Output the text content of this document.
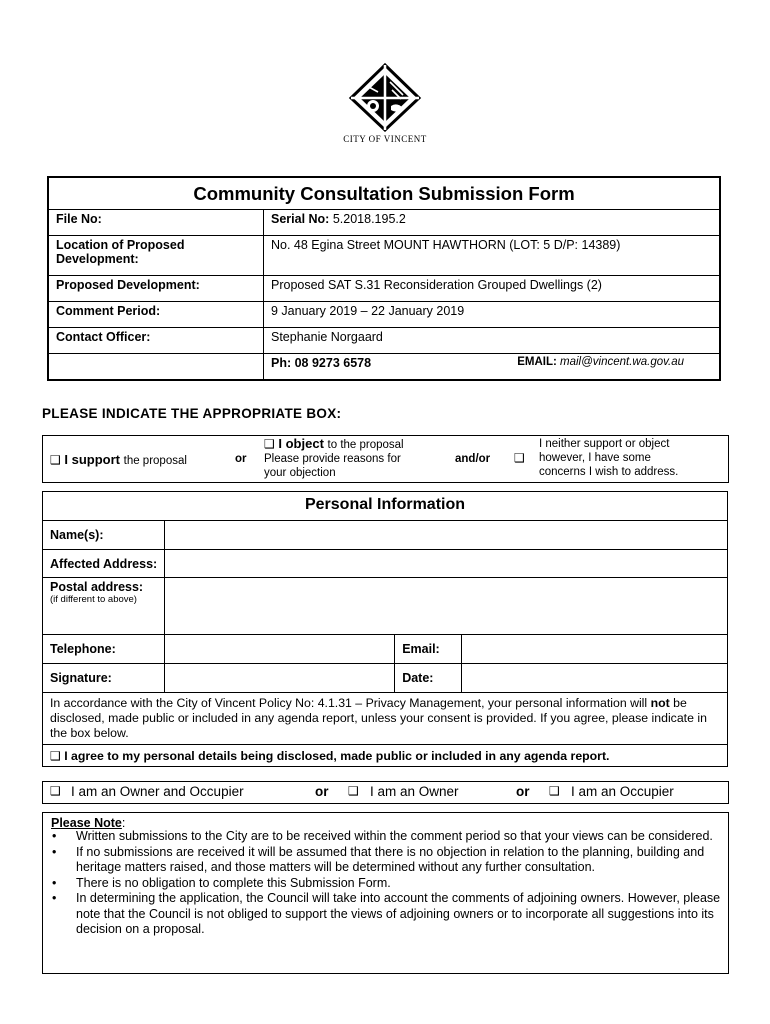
CITY OF VINCENT
Community Consultation Submission Form	
File No:	Serial No: 5.2018.195.2
Location of Proposed Development:	No. 48 Egina Street MOUNT HAWTHORN (LOT: 5 D/P: 14389)
Proposed Development:	Proposed SAT S.31 Reconsideration Grouped Dwellings (2)
Comment Period:	9 January 2019 – 22 January 2019
Contact Officer:	Stephanie Norgaard
	Ph: 08 9273 6578 EMAIL: mail@vincent.wa.gov.au
PLEASE INDICATE THE APPROPRIATE BOX:
❑ I support the proposal	or
❑ I object to the proposal
Please provide reasons for
your objection
and/or ❑
I neither support or object
however, I have some
concerns I wish to address.
Personal Information			
Name(s):			
Affected Address:			
Postal address:

(if different to above)			

Telephone:		Email:	
Signature:		Date:	
In accordance with the City of Vincent Policy No: 4.1.31 – Privacy Management, your personal information will not be disclosed, made public or included in any agenda report, unless your consent is provided. If you agree, please indicate in the box below.			
❑ I agree to my personal details being disclosed, made public or included in any agenda report.			
❑ I am an Owner and Occupier	or ❑ I am an Owner	or ❑ I am an Occupier
Please Note:
• Written submissions to the City are to be received within the comment period so that your views can be considered.
• If no submissions are received it will be assumed that there is no objection in relation to the planning, building and heritage matters raised, and those matters will be determined without any further consultation.
• There is no obligation to complete this Submission Form.
• In determining the application, the Council will take into account the comments of adjoining owners. However, please note that the Council is not obliged to support the views of adjoining owners or to incorporate all suggestions into its decision on a proposal.
